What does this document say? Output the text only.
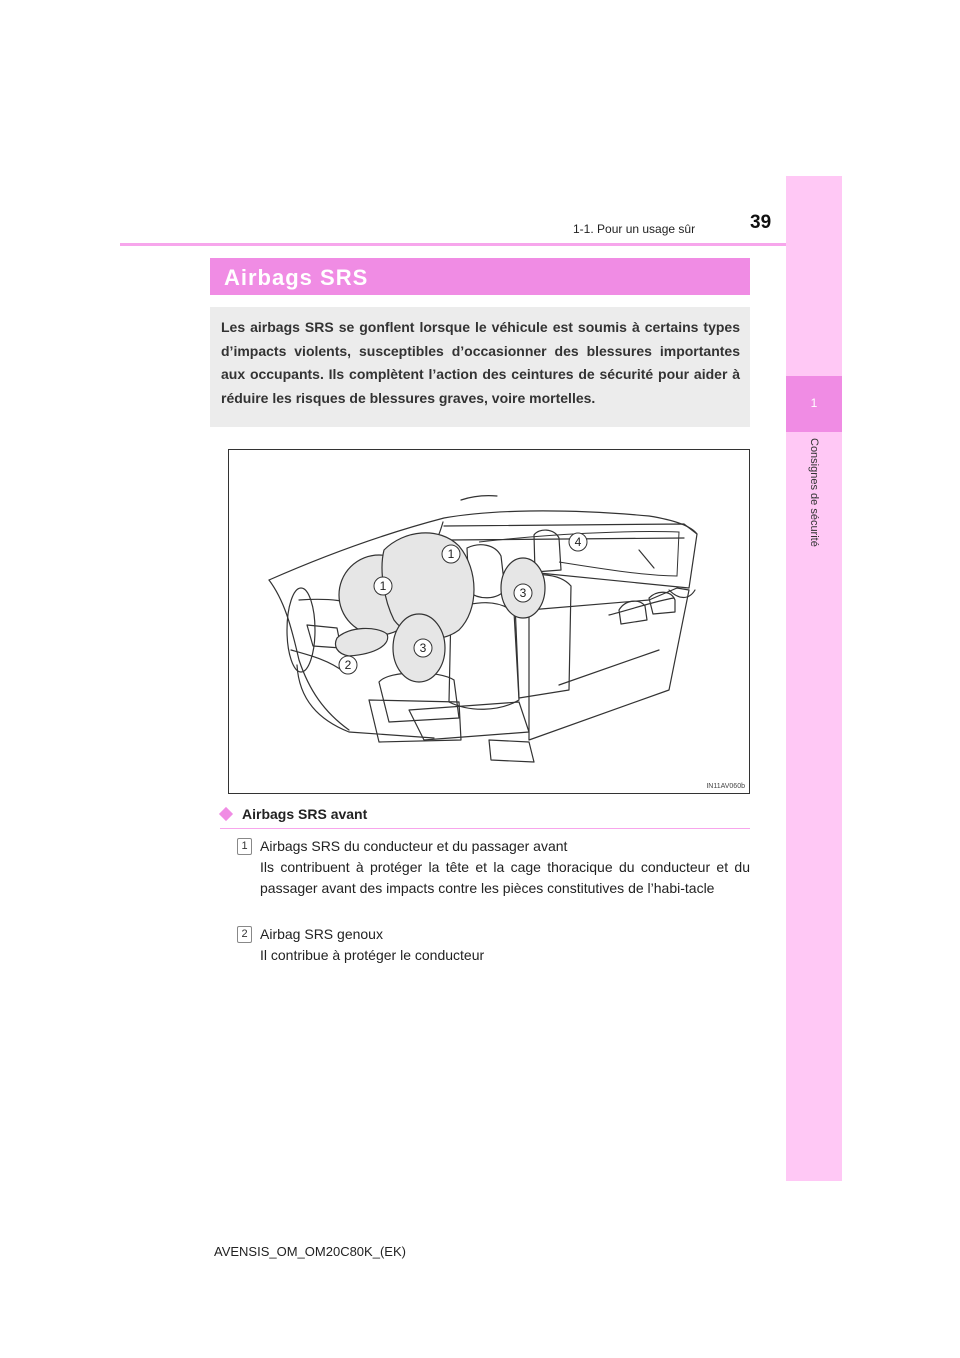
1
Consignes de sécurité
1-1. Pour un usage sûr	39
Airbags SRS

Les airbags SRS se gonflent lorsque le véhicule est soumis à certains types d’impacts violents, susceptibles d’occasionner des blessures importantes aux occupants. Ils complètent l’action des ceintures de sécurité pour aider à réduire les risques de blessures graves, voire mortelles.

1
1
2
3
3
4
IN11AV060b
Airbags SRS avant
1 Airbags SRS du conducteur et du passager avant

Ils contribuent à protéger la tête et la cage thoracique du conducteur et du passager avant des impacts contre les pièces constitutives de l’habi-tacle

2 Airbag SRS genoux

Il contribue à protéger le conducteur

AVENSIS_OM_OM20C80K_(EK)
